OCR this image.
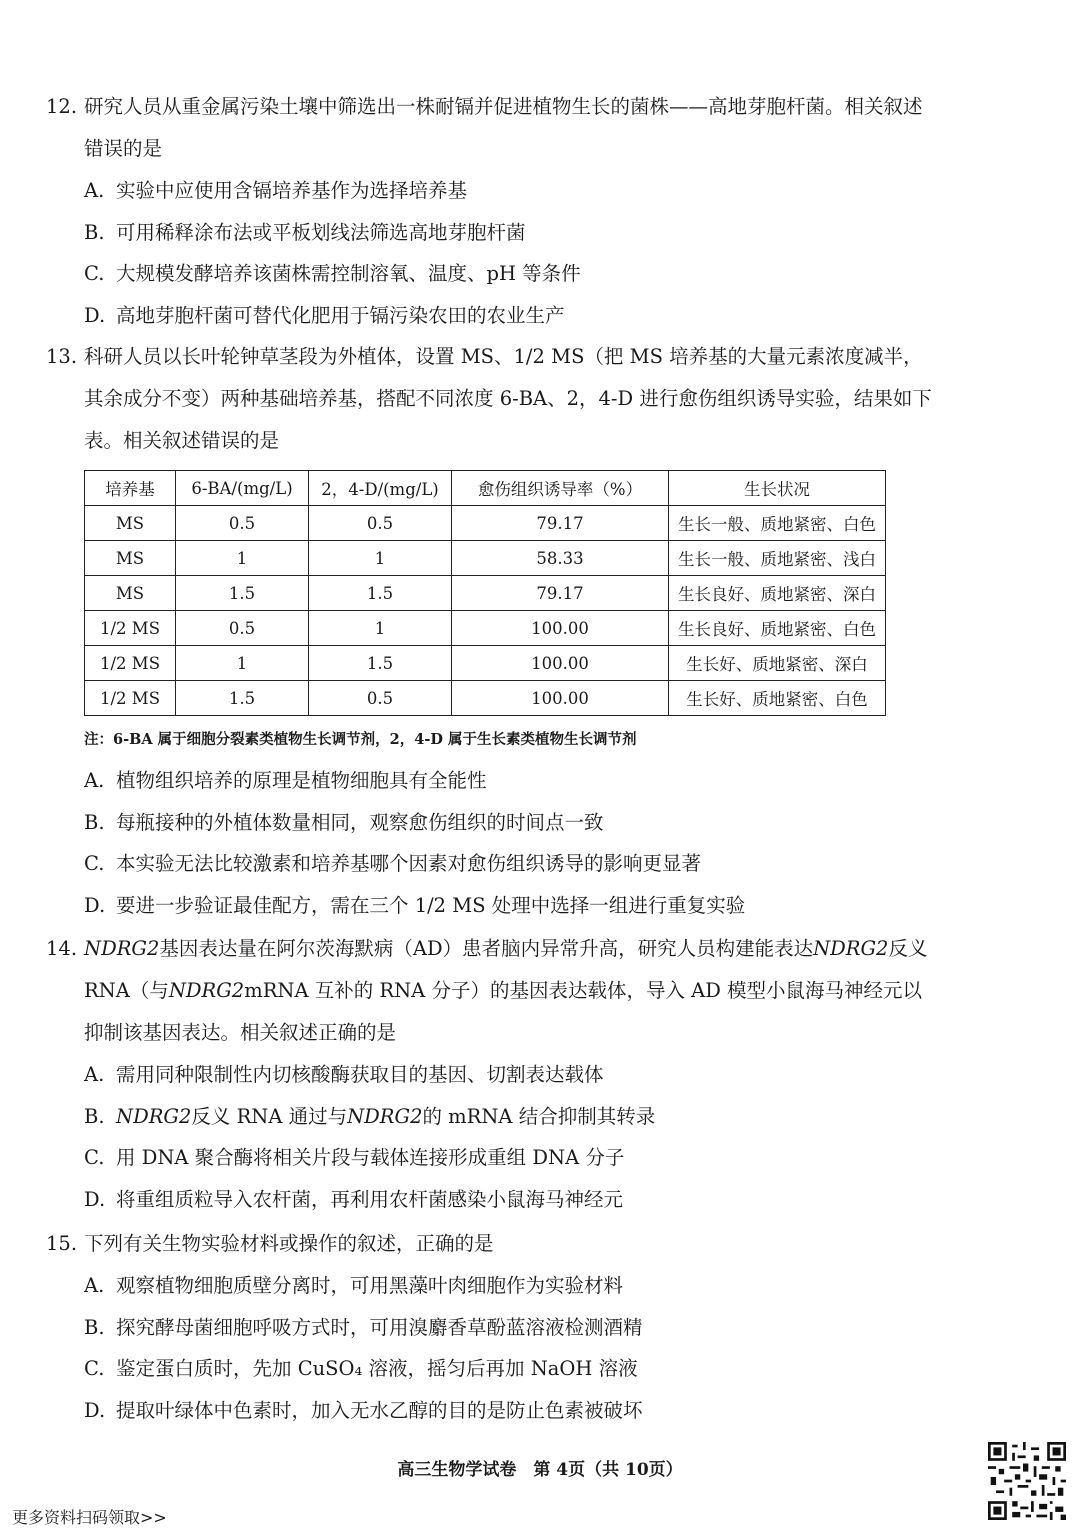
12. 研究人员从重金属污染土壤中筛选出一株耐镉并促进植物生长的菌株——高地芽胞杆菌。相关叙述错误的是
A. 实验中应使用含镉培养基作为选择培养基
B. 可用稀释涂布法或平板划线法筛选高地芽胞杆菌
C. 大规模发酵培养该菌株需控制溶氧、温度、pH 等条件
D. 高地芽胞杆菌可替代化肥用于镉污染农田的农业生产
13. 科研人员以长叶轮钟草茎段为外植体，设置 MS、1/2 MS（把 MS 培养基的大量元素浓度减半，其余成分不变）两种基础培养基，搭配不同浓度 6-BA、2，4-D 进行愈伤组织诱导实验，结果如下表。相关叙述错误的是
培养基	6-BA/(mg/L)	2，4-D/(mg/L)	愈伤组织诱导率（%）	生长状况
MS	0.5	0.5	79.17	生长一般、质地紧密、白色
MS	1	1	58.33	生长一般、质地紧密、浅白
MS	1.5	1.5	79.17	生长良好、质地紧密、深白
1/2 MS	0.5	1	100.00	生长良好、质地紧密、白色
1/2 MS	1	1.5	100.00	生长好、质地紧密、深白
1/2 MS	1.5	0.5	100.00	生长好、质地紧密、白色
注：6-BA 属于细胞分裂素类植物生长调节剂，2，4-D 属于生长素类植物生长调节剂
A. 植物组织培养的原理是植物细胞具有全能性
B. 每瓶接种的外植体数量相同，观察愈伤组织的时间点一致
C. 本实验无法比较激素和培养基哪个因素对愈伤组织诱导的影响更显著
D. 要进一步验证最佳配方，需在三个 1/2 MS 处理中选择一组进行重复实验
14. NDRG2基因表达量在阿尔茨海默病（AD）患者脑内异常升高，研究人员构建能表达NDRG2反义 RNA（与NDRG2mRNA 互补的 RNA 分子）的基因表达载体，导入 AD 模型小鼠海马神经元以抑制该基因表达。相关叙述正确的是
A. 需用同种限制性内切核酸酶获取目的基因、切割表达载体
B. NDRG2反义 RNA 通过与NDRG2的 mRNA 结合抑制其转录
C. 用 DNA 聚合酶将相关片段与载体连接形成重组 DNA 分子
D. 将重组质粒导入农杆菌，再利用农杆菌感染小鼠海马神经元
15. 下列有关生物实验材料或操作的叙述，正确的是
A. 观察植物细胞质壁分离时，可用黑藻叶肉细胞作为实验材料
B. 探究酵母菌细胞呼吸方式时，可用溴麝香草酚蓝溶液检测酒精
C. 鉴定蛋白质时，先加 CuSO₄ 溶液，摇匀后再加 NaOH 溶液
D. 提取叶绿体中色素时，加入无水乙醇的目的是防止色素被破坏
高三生物学试卷　第 4页（共 10页）
更多资料扫码领取>>
